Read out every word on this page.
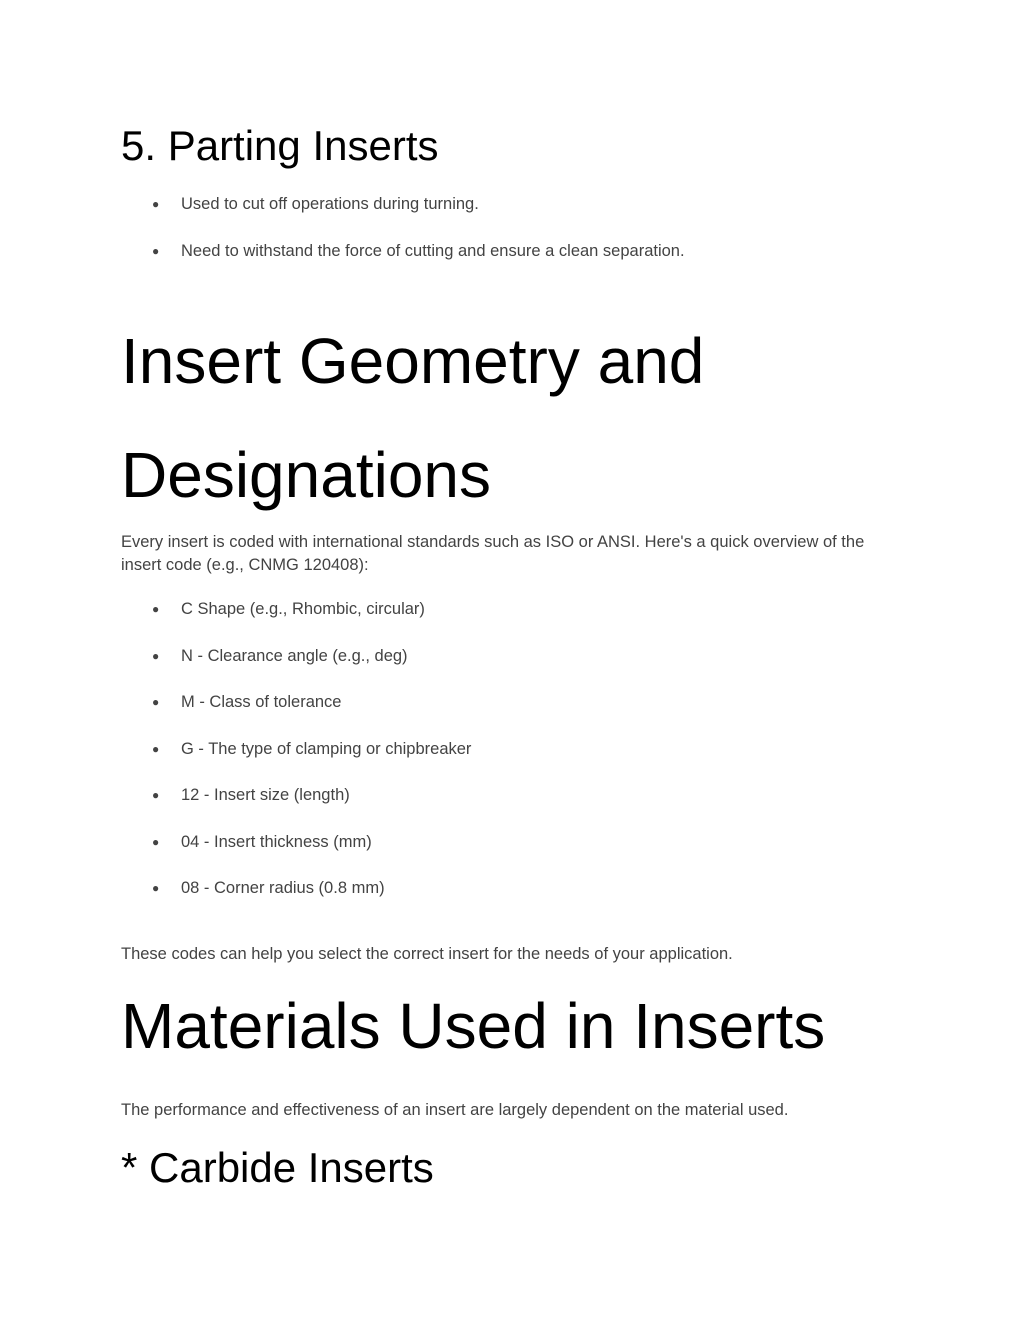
5. Parting Inserts
● Used to cut off operations during turning.
● Need to withstand the force of cutting and ensure a clean separation.
Insert Geometry and
Designations

Every insert is coded with international standards such as ISO or ANSI. Here's a quick overview of the insert code (e.g., CNMG 120408):

● C Shape (e.g., Rhombic, circular)
● N - Clearance angle (e.g., deg)
● M - Class of tolerance
● G - The type of clamping or chipbreaker
● 12 - Insert size (length)
● 04 - Insert thickness (mm)
● 08 - Corner radius (0.8 mm)

These codes can help you select the correct insert for the needs of your application.

Materials Used in Inserts

The performance and effectiveness of an insert are largely dependent on the material used.

* Carbide Inserts
